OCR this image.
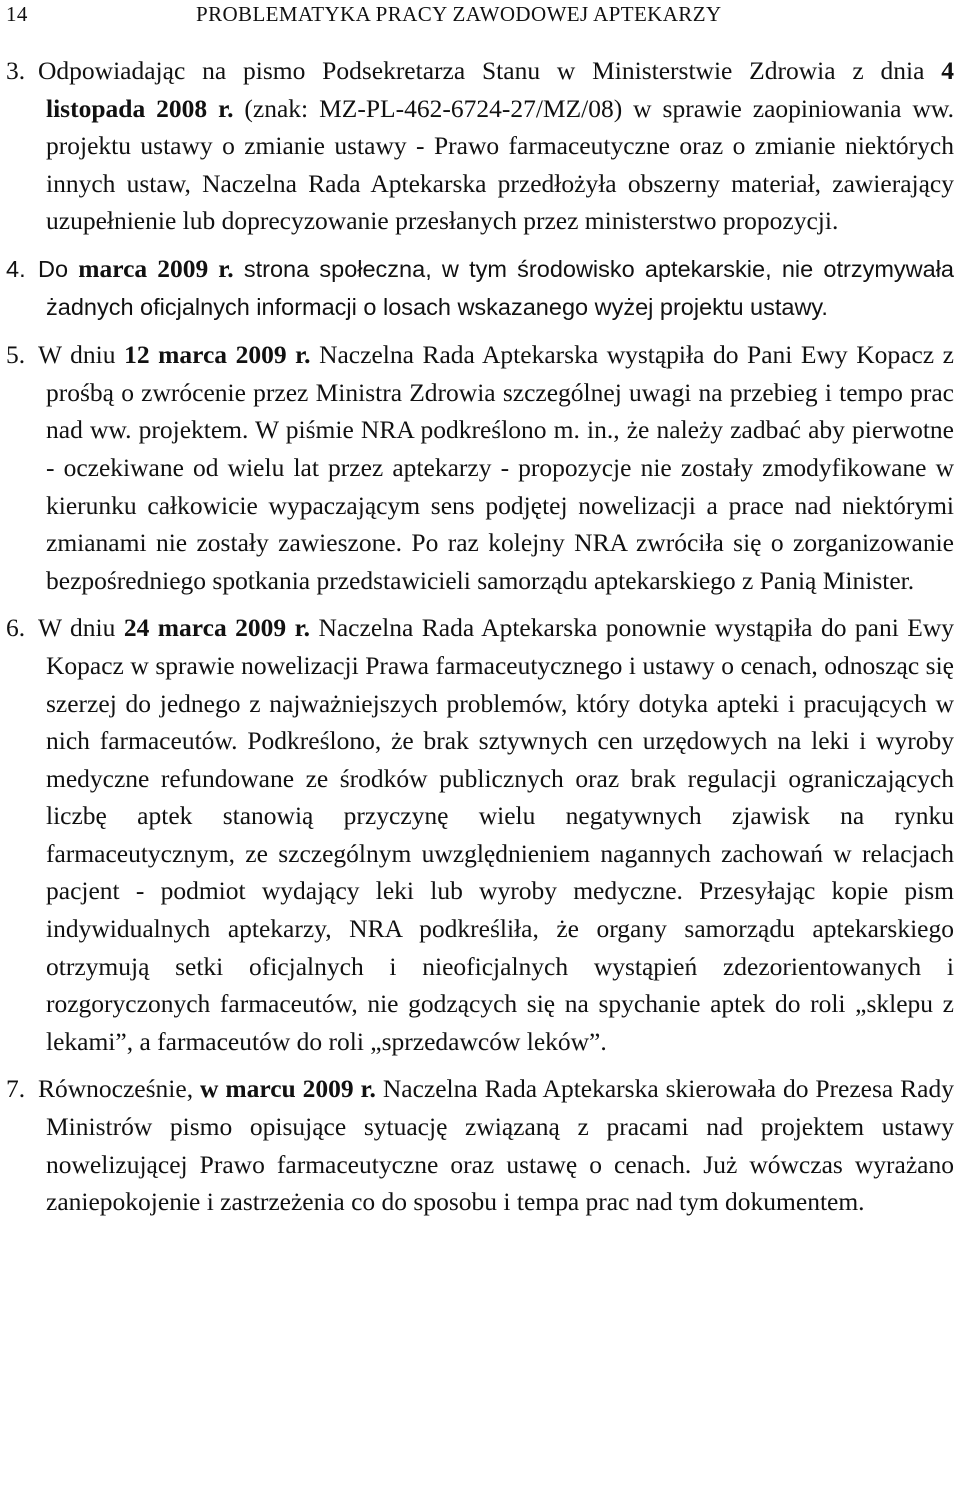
14	PROBLEMATYKA PRACY ZAWODOWEJ APTEKARZY

3. Odpowiadając na pismo Podsekretarza Stanu w Ministerstwie Zdrowia z dnia 4 listopada 2008 r. (znak: MZ-PL-462-6724-27/MZ/08) w sprawie zaopiniowania ww. projektu ustawy o zmianie ustawy - Prawo farmaceutyczne oraz o zmianie niektórych innych ustaw, Naczelna Rada Aptekarska przedłożyła obszerny materiał, zawierający uzupełnienie lub doprecyzowanie przesłanych przez ministerstwo propozycji.

4. Do marca 2009 r. strona społeczna, w tym środowisko aptekarskie, nie otrzymywała żadnych oficjalnych informacji o losach wskazanego wyżej projektu ustawy.

5. W dniu 12 marca 2009 r. Naczelna Rada Aptekarska wystąpiła do Pani Ewy Kopacz z prośbą o zwrócenie przez Ministra Zdrowia szczególnej uwagi na przebieg i tempo prac nad ww. projektem. W piśmie NRA podkreślono m. in., że należy zadbać aby pierwotne - oczekiwane od wielu lat przez aptekarzy - propozycje nie zostały zmodyfikowane w kierunku całkowicie wypaczającym sens podjętej nowelizacji a prace nad niektórymi zmianami nie zostały zawieszone. Po raz kolejny NRA zwróciła się o zorganizowanie bezpośredniego spotkania przedstawicieli samorządu aptekarskiego z Panią Minister.

6. W dniu 24 marca 2009 r. Naczelna Rada Aptekarska ponownie wystąpiła do pani Ewy Kopacz w sprawie nowelizacji Prawa farmaceutycznego i ustawy o cenach, odnosząc się szerzej do jednego z najważniejszych problemów, który dotyka apteki i pracujących w nich farmaceutów. Podkreślono, że brak sztywnych cen urzędowych na leki i wyroby medyczne refundowane ze środków publicznych oraz brak regulacji ograniczających liczbę aptek stanowią przyczynę wielu negatywnych zjawisk na rynku farmaceutycznym, ze szczególnym uwzględnieniem nagannych zachowań w relacjach pacjent - podmiot wydający leki lub wyroby medyczne. Przesyłając kopie pism indywidualnych aptekarzy, NRA podkreśliła, że organy samorządu aptekarskiego otrzymują setki oficjalnych i nieoficjalnych wystąpień zdezorientowanych i rozgoryczonych farmaceutów, nie godzących się na spychanie aptek do roli „sklepu z lekami”, a farmaceutów do roli „sprzedawców leków”.

7. Równocześnie, w marcu 2009 r. Naczelna Rada Aptekarska skierowała do Prezesa Rady Ministrów pismo opisujące sytuację związaną z pracami nad projektem ustawy nowelizującej Prawo farmaceutyczne oraz ustawę o cenach. Już wówczas wyrażano zaniepokojenie i zastrzeżenia co do sposobu i tempa prac nad tym dokumentem.
